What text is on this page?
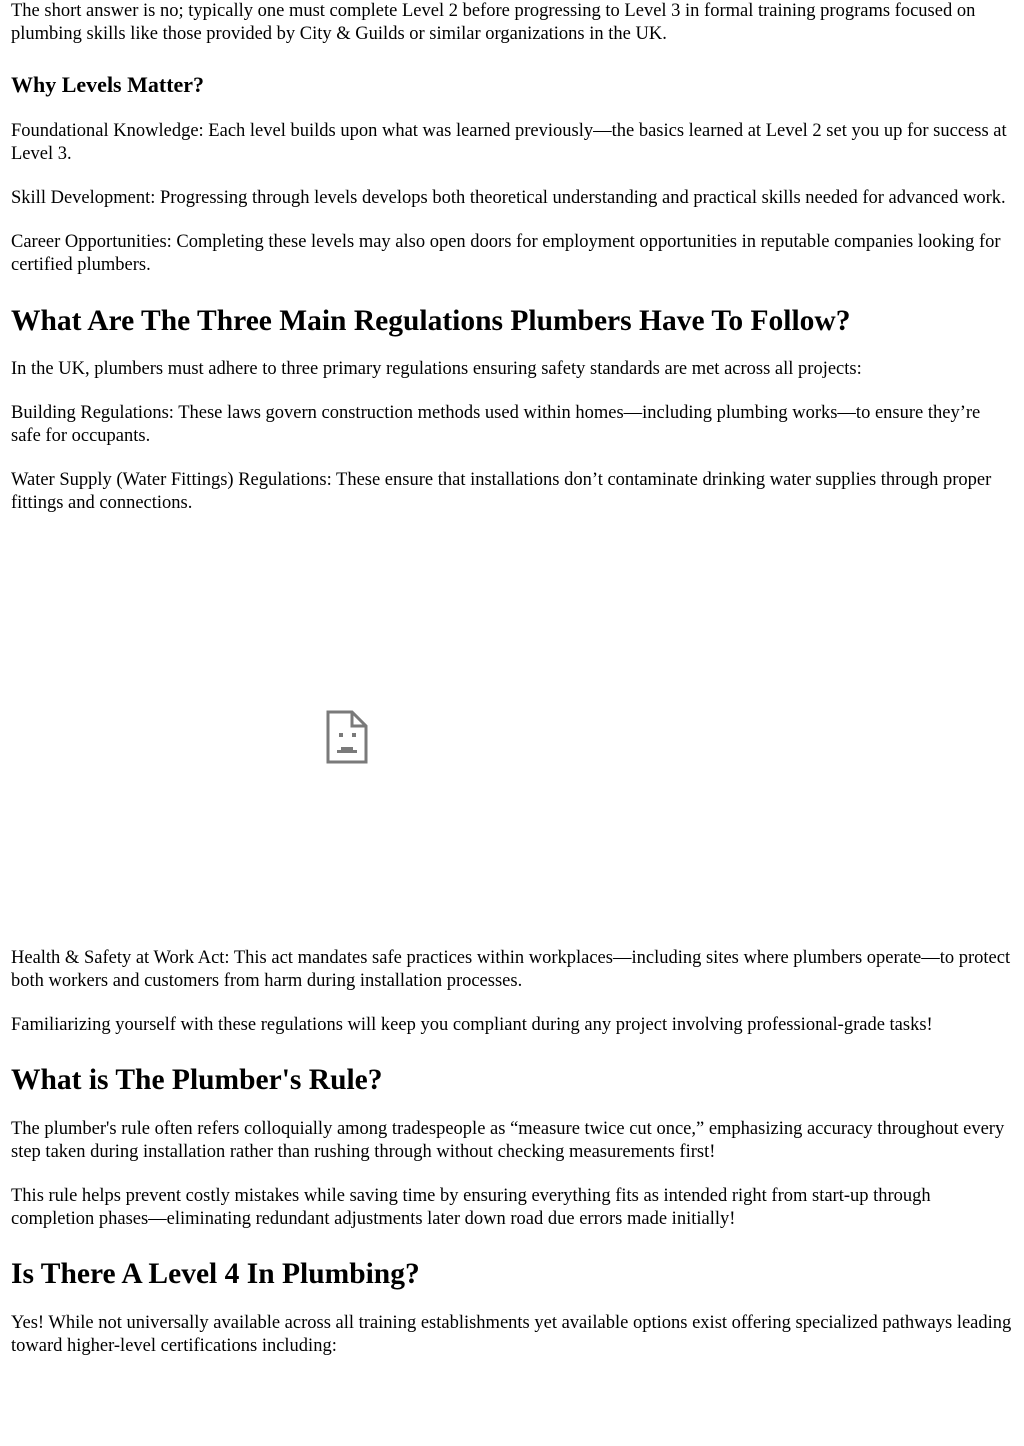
The short answer is no; typically one must complete Level 2 before progressing to Level 3 in formal training programs focused on plumbing skills like those provided by City & Guilds or similar organizations in the UK.

Why Levels Matter?

Foundational Knowledge: Each level builds upon what was learned previously—the basics learned at Level 2 set you up for success at Level 3.

Skill Development: Progressing through levels develops both theoretical understanding and practical skills needed for advanced work.

Career Opportunities: Completing these levels may also open doors for employment opportunities in reputable companies looking for certified plumbers.

What Are The Three Main Regulations Plumbers Have To Follow?

In the UK, plumbers must adhere to three primary regulations ensuring safety standards are met across all projects:

Building Regulations: These laws govern construction methods used within homes—including plumbing works—to ensure they’re safe for occupants.

Water Supply (Water Fittings) Regulations: These ensure that installations don’t contaminate drinking water supplies through proper fittings and connections.

Health & Safety at Work Act: This act mandates safe practices within workplaces—including sites where plumbers operate—to protect both workers and customers from harm during installation processes.

Familiarizing yourself with these regulations will keep you compliant during any project involving professional-grade tasks!

What is The Plumber's Rule?

The plumber's rule often refers colloquially among tradespeople as “measure twice cut once,” emphasizing accuracy throughout every step taken during installation rather than rushing through without checking measurements first!

This rule helps prevent costly mistakes while saving time by ensuring everything fits as intended right from start-up through completion phases—eliminating redundant adjustments later down road due errors made initially!

Is There A Level 4 In Plumbing?

Yes! While not universally available across all training establishments yet available options exist offering specialized pathways leading toward higher-level certifications including:
